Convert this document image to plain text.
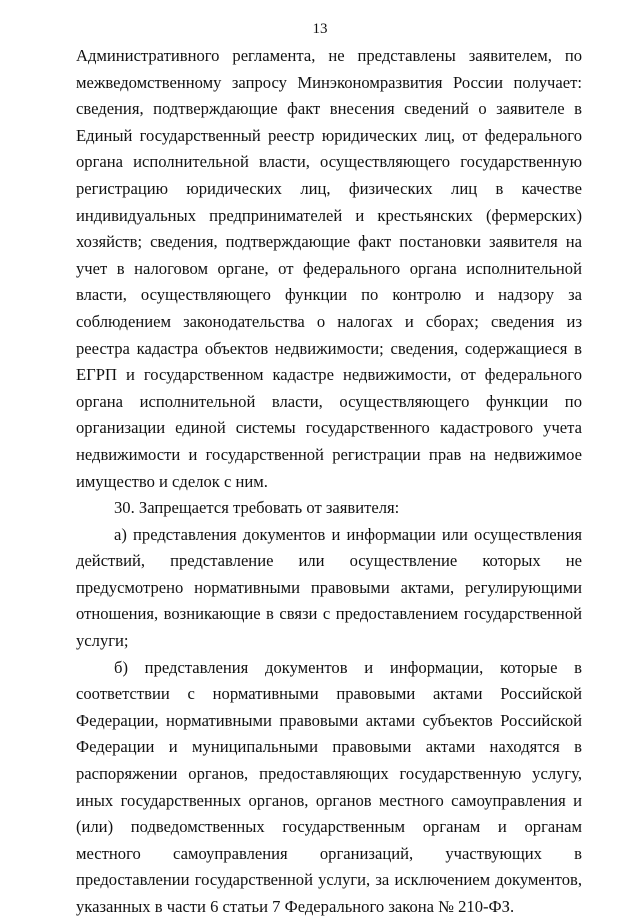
13

Административного регламента, не представлены заявителем, по межведомственному запросу Минэкономразвития России получает: сведения, подтверждающие факт внесения сведений о заявителе в Единый государственный реестр юридических лиц, от федерального органа исполнительной власти, осуществляющего государственную регистрацию юридических лиц, физических лиц в качестве индивидуальных предпринимателей и крестьянских (фермерских) хозяйств; сведения, подтверждающие факт постановки заявителя на учет в налоговом органе, от федерального органа исполнительной власти, осуществляющего функции по контролю и надзору за соблюдением законодательства о налогах и сборах; сведения из реестра кадастра объектов недвижимости; сведения, содержащиеся в ЕГРП и государственном кадастре недвижимости, от федерального органа исполнительной власти, осуществляющего функции по организации единой системы государственного кадастрового учета недвижимости и государственной регистрации прав на недвижимое имущество и сделок с ним.

30. Запрещается требовать от заявителя:

а) представления документов и информации или осуществления действий, представление или осуществление которых не предусмотрено нормативными правовыми актами, регулирующими отношения, возникающие в связи с предоставлением государственной услуги;

б) представления документов и информации, которые в соответствии с нормативными правовыми актами Российской Федерации, нормативными правовыми актами субъектов Российской Федерации и муниципальными правовыми актами находятся в распоряжении органов, предоставляющих государственную услугу, иных государственных органов, органов местного самоуправления и (или) подведомственных государственным органам и органам местного самоуправления организаций, участвующих в предоставлении государственной услуги, за исключением документов, указанных в части 6 статьи 7 Федерального закона № 210-ФЗ.
